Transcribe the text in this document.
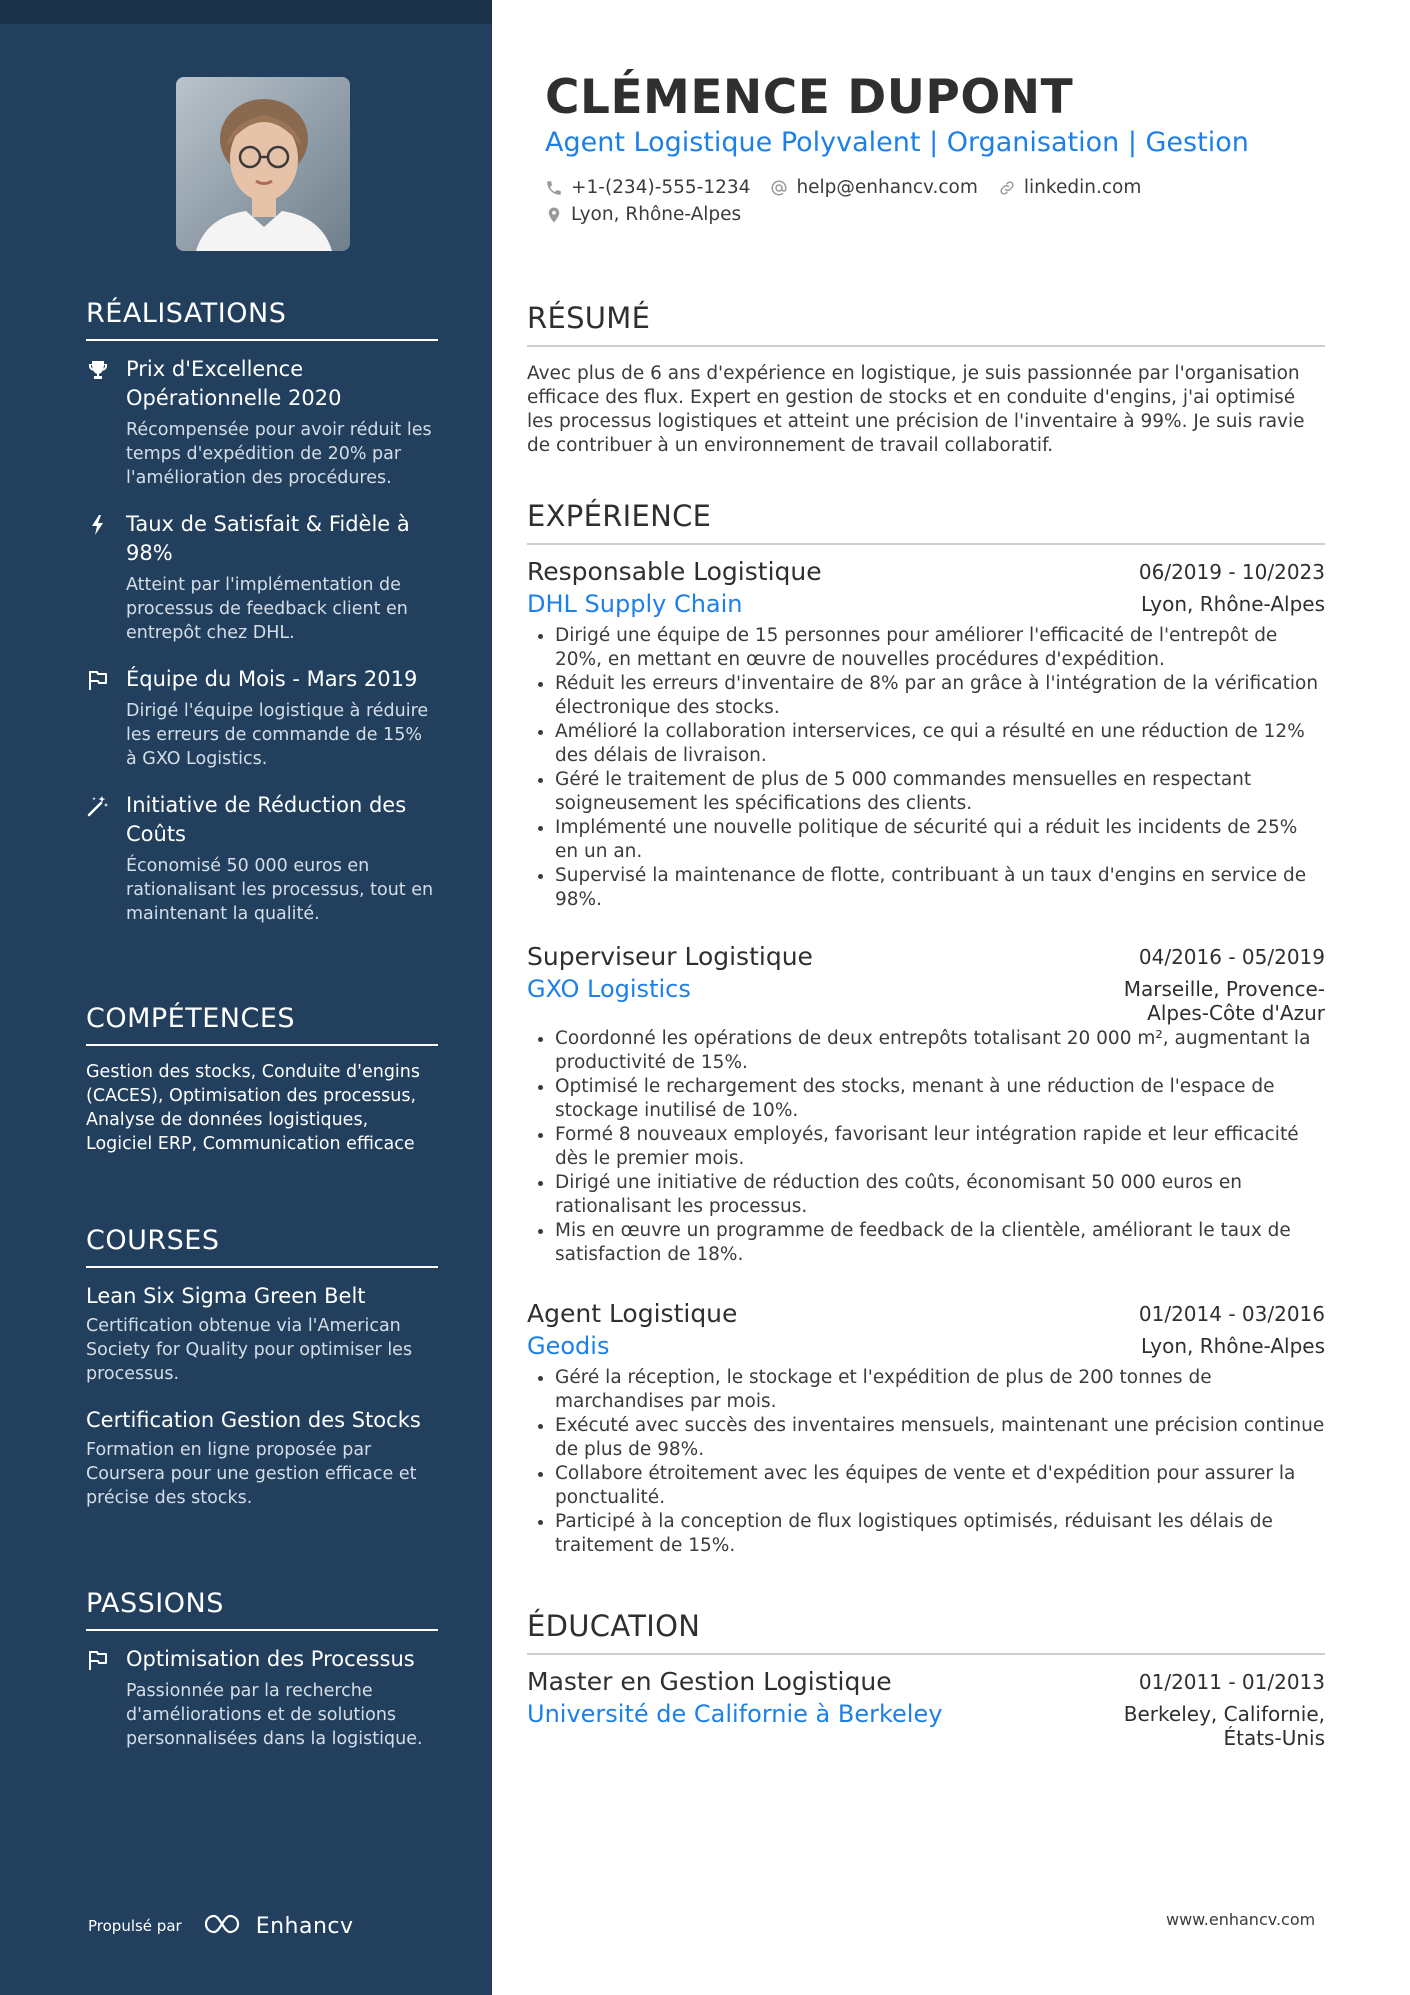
RÉALISATIONS
Prix d'Excellence Opérationnelle 2020
Récompensée pour avoir réduit les temps d'expédition de 20% par l'amélioration des procédures.
Taux de Satisfait & Fidèle à 98%
Atteint par l'implémentation de processus de feedback client en entrepôt chez DHL.
Équipe du Mois - Mars 2019
Dirigé l'équipe logistique à réduire les erreurs de commande de 15% à GXO Logistics.
Initiative de Réduction des Coûts
Économisé 50 000 euros en rationalisant les processus, tout en maintenant la qualité.
COMPÉTENCES
Gestion des stocks, Conduite d'engins (CACES), Optimisation des processus, Analyse de données logistiques, Logiciel ERP, Communication efficace
COURSES
Lean Six Sigma Green Belt
Certification obtenue via l'American Society for Quality pour optimiser les processus.
Certification Gestion des Stocks
Formation en ligne proposée par Coursera pour une gestion efficace et précise des stocks.
PASSIONS
Optimisation des Processus
Passionnée par la recherche d'améliorations et de solutions personnalisées dans la logistique.
Propulsé par	Enhancv
CLÉMENCE DUPONT
Agent Logistique Polyvalent | Organisation | Gestion
+1-(234)-555-1234 help@enhancv.com linkedin.com
Lyon, Rhône-Alpes
RÉSUMÉ
Avec plus de 6 ans d'expérience en logistique, je suis passionnée par l'organisation efficace des flux. Expert en gestion de stocks et en conduite d'engins, j'ai optimisé les processus logistiques et atteint une précision de l'inventaire à 99%. Je suis ravie de contribuer à un environnement de travail collaboratif.
EXPÉRIENCE
Responsable Logistique	06/2019 - 10/2023
DHL Supply Chain	Lyon, Rhône-Alpes
• Dirigé une équipe de 15 personnes pour améliorer l'efficacité de l'entrepôt de 20%, en mettant en œuvre de nouvelles procédures d'expédition.
• Réduit les erreurs d'inventaire de 8% par an grâce à l'intégration de la vérification électronique des stocks.
• Amélioré la collaboration interservices, ce qui a résulté en une réduction de 12% des délais de livraison.
• Géré le traitement de plus de 5 000 commandes mensuelles en respectant soigneusement les spécifications des clients.
• Implémenté une nouvelle politique de sécurité qui a réduit les incidents de 25% en un an.
• Supervisé la maintenance de flotte, contribuant à un taux d'engins en service de 98%.
Superviseur Logistique	04/2016 - 05/2019
GXO Logistics	Marseille, Provence-
Alpes-Côte d'Azur
• Coordonné les opérations de deux entrepôts totalisant 20 000 m², augmentant la productivité de 15%.
• Optimisé le rechargement des stocks, menant à une réduction de l'espace de stockage inutilisé de 10%.
• Formé 8 nouveaux employés, favorisant leur intégration rapide et leur efficacité dès le premier mois.
• Dirigé une initiative de réduction des coûts, économisant 50 000 euros en rationalisant les processus.
• Mis en œuvre un programme de feedback de la clientèle, améliorant le taux de satisfaction de 18%.
Agent Logistique	01/2014 - 03/2016
Geodis	Lyon, Rhône-Alpes
• Géré la réception, le stockage et l'expédition de plus de 200 tonnes de marchandises par mois.
• Exécuté avec succès des inventaires mensuels, maintenant une précision continue de plus de 98%.
• Collabore étroitement avec les équipes de vente et d'expédition pour assurer la ponctualité.
• Participé à la conception de flux logistiques optimisés, réduisant les délais de traitement de 15%.
ÉDUCATION
Master en Gestion Logistique	01/2011 - 01/2013
Université de Californie à Berkeley	Berkeley, Californie,
États-Unis
www.enhancv.com
